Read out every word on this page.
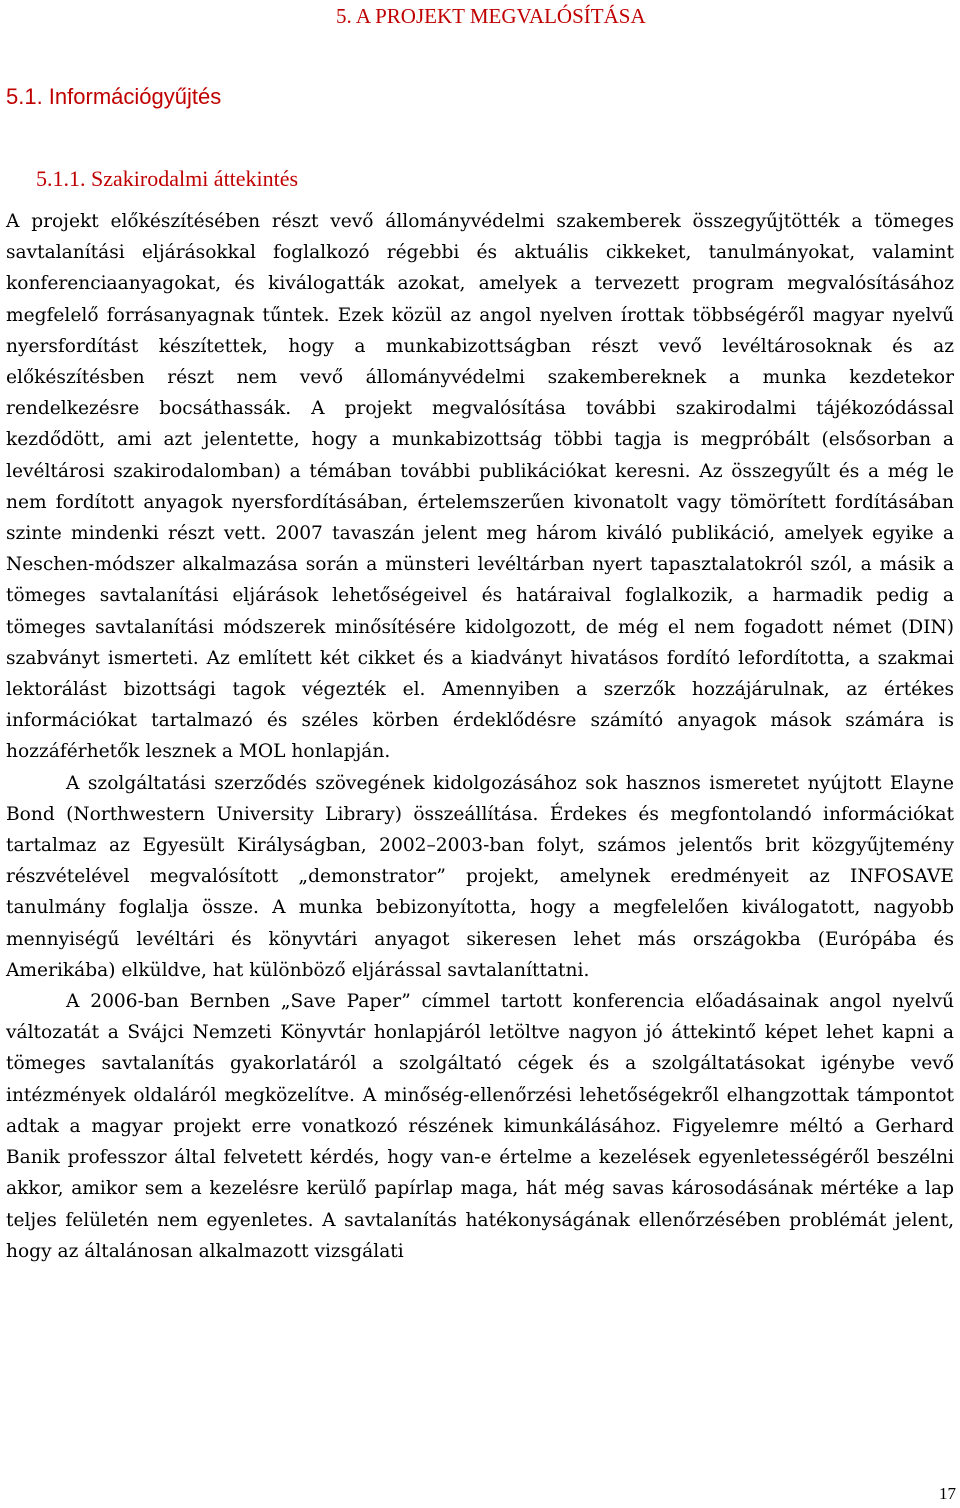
5. A PROJEKT MEGVALÓSÍTÁSA

5.1. Információgyűjtés
5.1.1. Szakirodalmi áttekintés

A projekt előkészítésében részt vevő állományvédelmi szakemberek összegyűjtötték a tömeges savtalanítási eljárásokkal foglalkozó régebbi és aktuális cikkeket, tanulmányokat, valamint konferenciaanyagokat, és kiválogatták azokat, amelyek a tervezett program megvalósításához megfelelő forrásanyagnak tűntek. Ezek közül az angol nyelven írottak többségéről magyar nyelvű nyersfordítást készítettek, hogy a munkabizottságban részt vevő levéltárosoknak és az előkészítésben részt nem vevő állományvédelmi szakembereknek a munka kezdetekor rendelkezésre bocsáthassák. A projekt megvalósítása további szakirodalmi tájékozódással kezdődött, ami azt jelentette, hogy a munkabizottság többi tagja is megpróbált (elsősorban a levéltárosi szakirodalomban) a témában további publikációkat keresni. Az összegyűlt és a még le nem fordított anyagok nyersfordításában, értelemszerűen kivonatolt vagy tömörített fordításában szinte mindenki részt vett. 2007 tavaszán jelent meg három kiváló publikáció, amelyek egyike a Neschen-módszer alkalmazása során a münsteri levéltárban nyert tapasztalatokról szól, a másik a tömeges savtalanítási eljárások lehetőségeivel és határaival foglalkozik, a harmadik pedig a tömeges savtalanítási módszerek minősítésére kidolgozott, de még el nem fogadott német (DIN) szabványt ismerteti. Az említett két cikket és a kiadványt hivatásos fordító lefordította, a szakmai lektorálást bizottsági tagok végezték el. Amennyiben a szerzők hozzájárulnak, az értékes információkat tartalmazó és széles körben érdeklődésre számító anyagok mások számára is hozzáférhetők lesznek a MOL honlapján.

A szolgáltatási szerződés szövegének kidolgozásához sok hasznos ismeretet nyújtott Elayne Bond (Northwestern University Library) összeállítása. Érdekes és megfontolandó információkat tartalmaz az Egyesült Királyságban, 2002–2003-ban folyt, számos jelentős brit közgyűjtemény részvételével megvalósított „demonstrator” projekt, amelynek eredményeit az INFOSAVE tanulmány foglalja össze. A munka bebizonyította, hogy a megfelelően kiválogatott, nagyobb mennyiségű levéltári és könyvtári anyagot sikeresen lehet más országokba (Európába és Amerikába) elküldve, hat különböző eljárással savtalaníttatni.

A 2006-ban Bernben „Save Paper” címmel tartott konferencia előadásainak angol nyelvű változatát a Svájci Nemzeti Könyvtár honlapjáról letöltve nagyon jó áttekintő képet lehet kapni a tömeges savtalanítás gyakorlatáról a szolgáltató cégek és a szolgáltatásokat igénybe vevő intézmények oldaláról megközelítve. A minőség-ellenőrzési lehetőségekről elhangzottak támpontot adtak a magyar projekt erre vonatkozó részének kimunkálásához. Figyelemre méltó a Gerhard Banik professzor által felvetett kérdés, hogy van-e értelme a kezelések egyenletességéről beszélni akkor, amikor sem a kezelésre kerülő papírlap maga, hát még savas károsodásának mértéke a lap teljes felületén nem egyenletes. A savtalanítás hatékonyságának ellenőrzésében problémát jelent, hogy az általánosan alkalmazott vizsgálati

17
